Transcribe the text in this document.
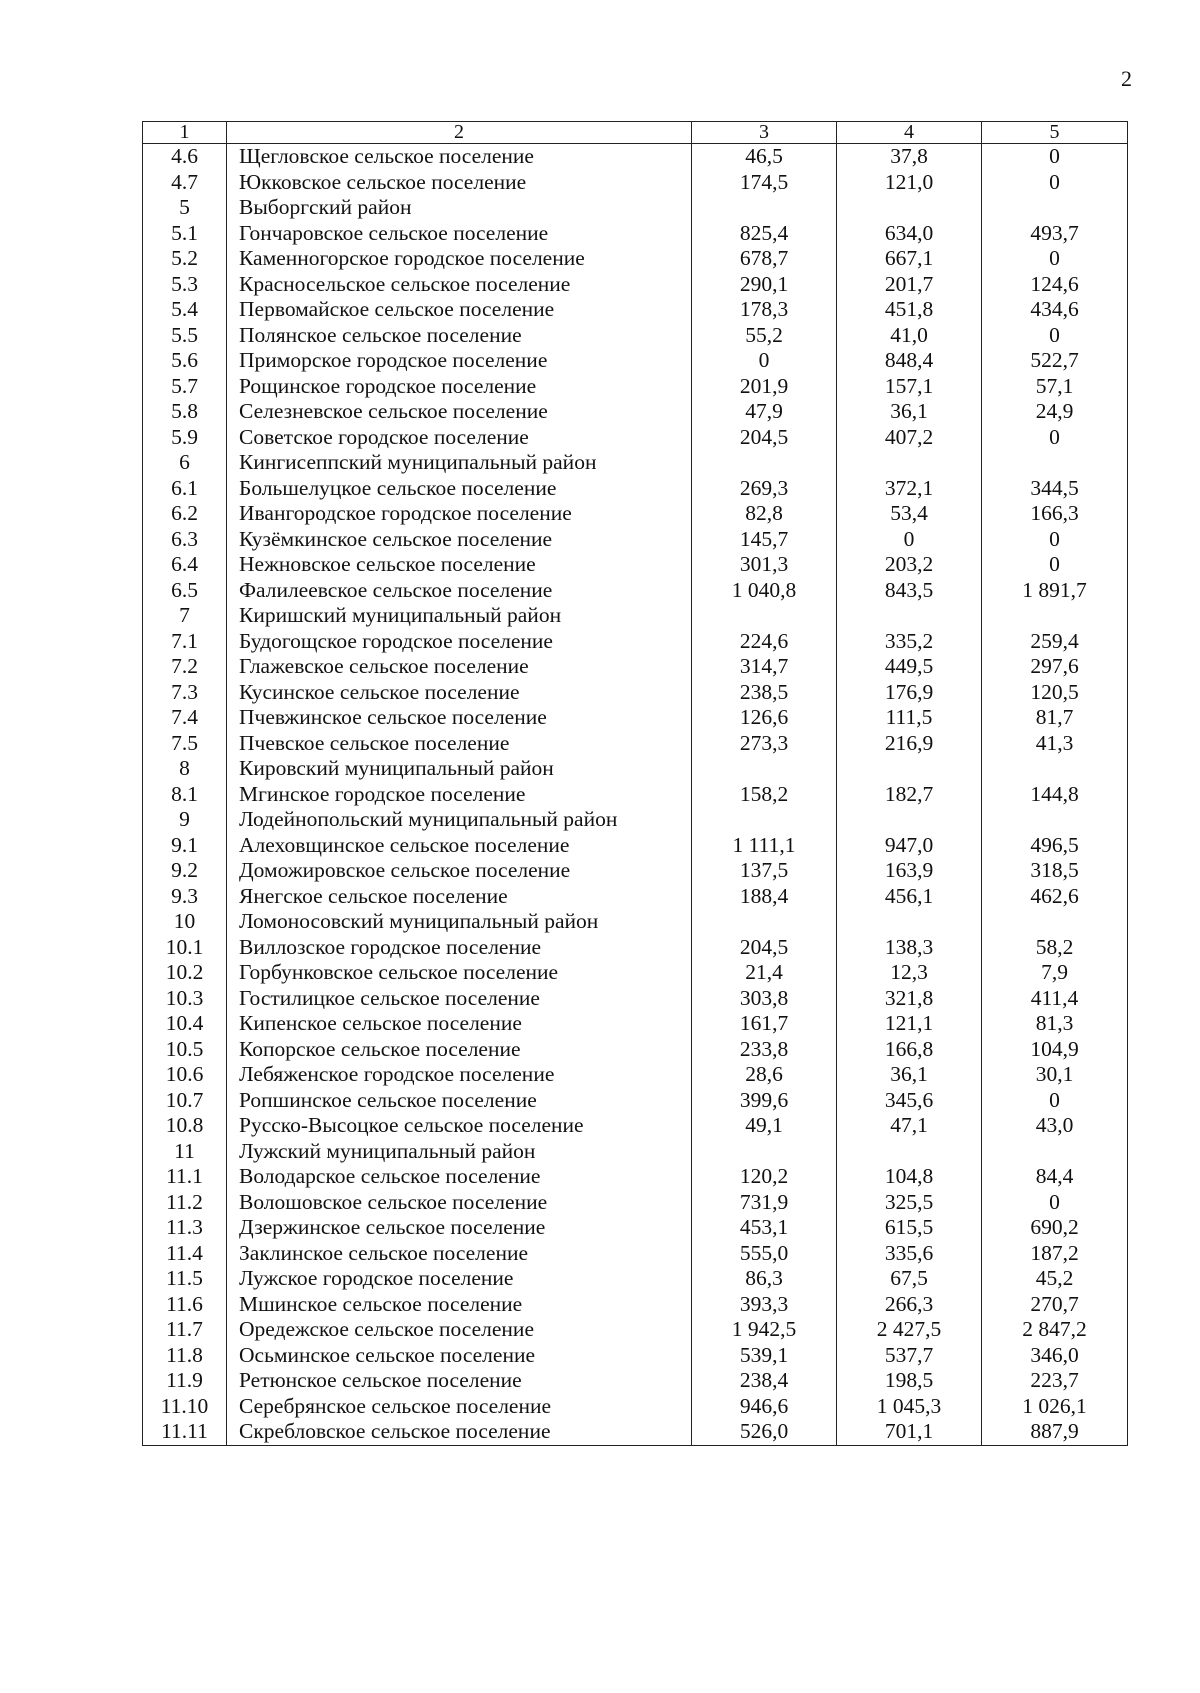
2
1	2	3	4	5
4.6	Щегловское сельское поселение	46,5	37,8	0
4.7	Юкковское сельское поселение	174,5	121,0	0
5	Выборгский район			
5.1	Гончаровское сельское поселение	825,4	634,0	493,7
5.2	Каменногорское городское поселение	678,7	667,1	0
5.3	Красносельское сельское поселение	290,1	201,7	124,6
5.4	Первомайское сельское поселение	178,3	451,8	434,6
5.5	Полянское сельское поселение	55,2	41,0	0
5.6	Приморское городское поселение	0	848,4	522,7
5.7	Рощинское городское поселение	201,9	157,1	57,1
5.8	Селезневское сельское поселение	47,9	36,1	24,9
5.9	Советское городское поселение	204,5	407,2	0
6	Кингисеппский муниципальный район			
6.1	Большелуцкое сельское поселение	269,3	372,1	344,5
6.2	Ивангородское городское поселение	82,8	53,4	166,3
6.3	Кузёмкинское сельское поселение	145,7	0	0
6.4	Нежновское сельское поселение	301,3	203,2	0
6.5	Фалилеевское сельское поселение	1 040,8	843,5	1 891,7
7	Киришский муниципальный район			
7.1	Будогощское городское поселение	224,6	335,2	259,4
7.2	Глажевское сельское поселение	314,7	449,5	297,6
7.3	Кусинское сельское поселение	238,5	176,9	120,5
7.4	Пчевжинское сельское поселение	126,6	111,5	81,7
7.5	Пчевское сельское поселение	273,3	216,9	41,3
8	Кировский муниципальный район			
8.1	Мгинское городское поселение	158,2	182,7	144,8
9	Лодейнопольский муниципальный район			
9.1	Алеховщинское сельское поселение	1 111,1	947,0	496,5
9.2	Доможировское сельское поселение	137,5	163,9	318,5
9.3	Янегское сельское поселение	188,4	456,1	462,6
10	Ломоносовский муниципальный район			
10.1	Виллозское городское поселение	204,5	138,3	58,2
10.2	Горбунковское сельское поселение	21,4	12,3	7,9
10.3	Гостилицкое сельское поселение	303,8	321,8	411,4
10.4	Кипенское сельское поселение	161,7	121,1	81,3
10.5	Копорское сельское поселение	233,8	166,8	104,9
10.6	Лебяженское городское поселение	28,6	36,1	30,1
10.7	Ропшинское сельское поселение	399,6	345,6	0
10.8	Русско-Высоцкое сельское поселение	49,1	47,1	43,0
11	Лужский муниципальный район			
11.1	Володарское сельское поселение	120,2	104,8	84,4
11.2	Волошовское сельское поселение	731,9	325,5	0
11.3	Дзержинское сельское поселение	453,1	615,5	690,2
11.4	Заклинское сельское поселение	555,0	335,6	187,2
11.5	Лужское городское поселение	86,3	67,5	45,2
11.6	Мшинское сельское поселение	393,3	266,3	270,7
11.7	Оредежское сельское поселение	1 942,5	2 427,5	2 847,2
11.8	Осьминское сельское поселение	539,1	537,7	346,0
11.9	Ретюнское сельское поселение	238,4	198,5	223,7
11.10	Серебрянское сельское поселение	946,6	1 045,3	1 026,1
11.11	Скребловское сельское поселение	526,0	701,1	887,9
